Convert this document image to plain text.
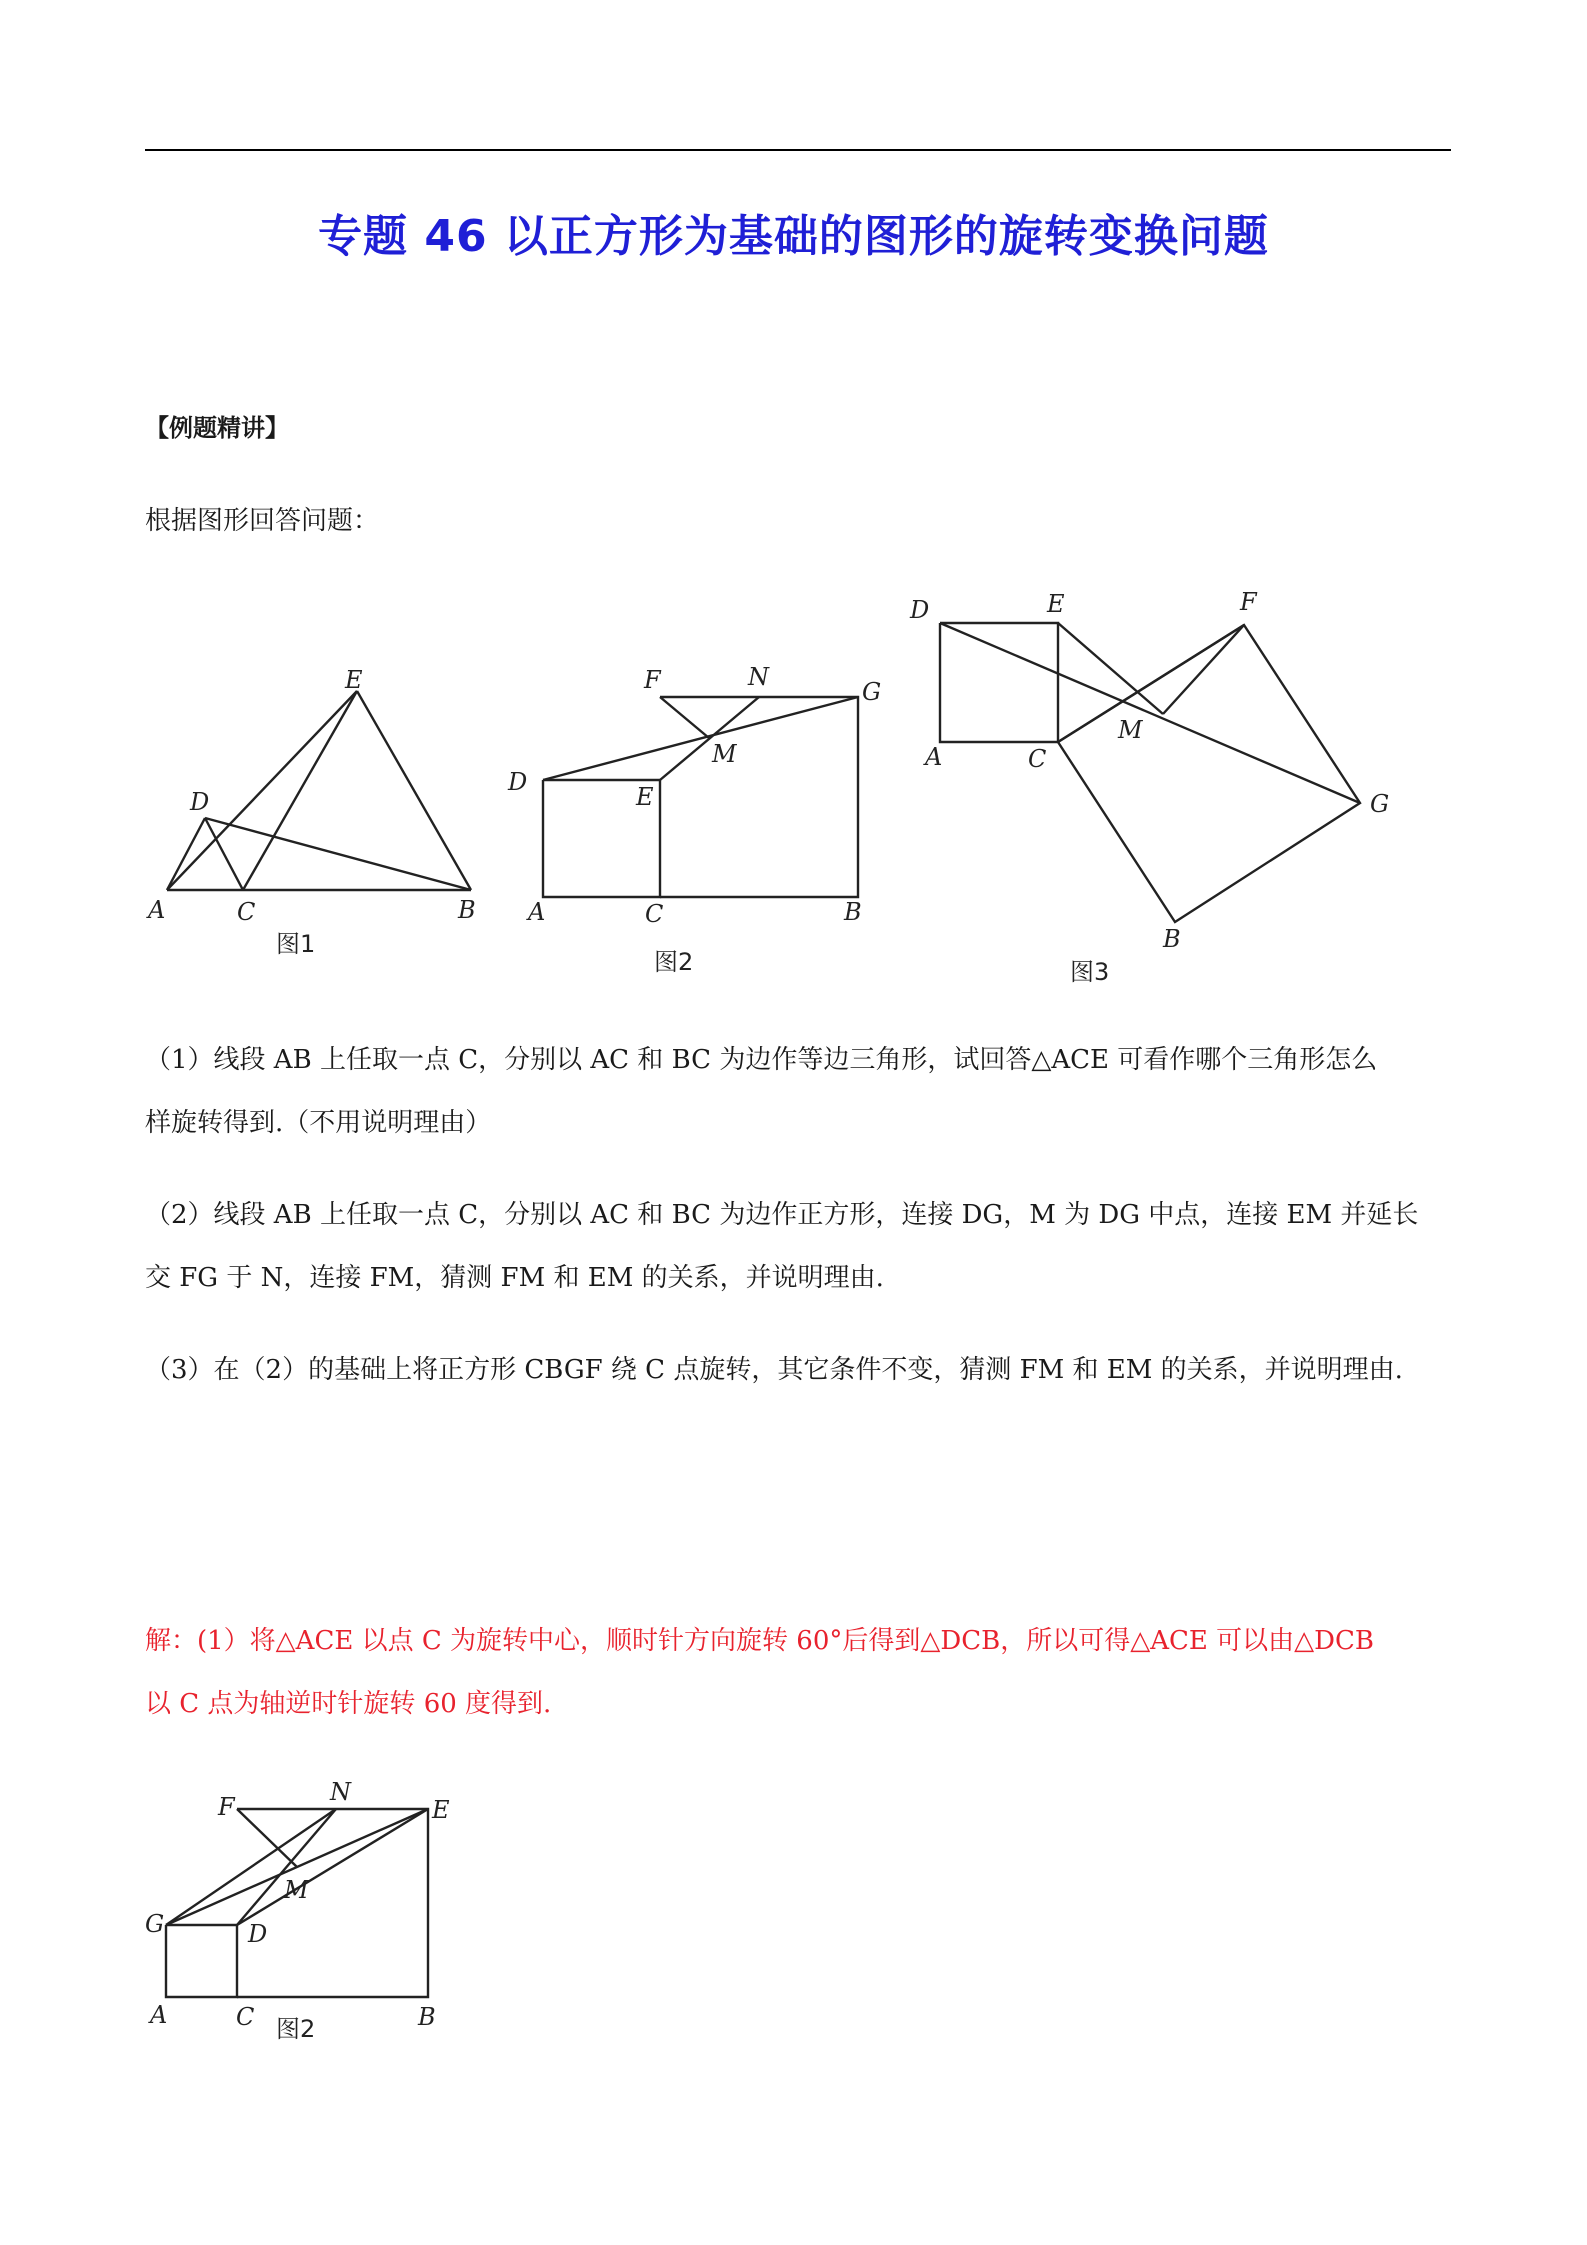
专题 46 以正方形为基础的图形的旋转变换问题
【例题精讲】
根据图形回答问题：
A	C	B
D
E
图1
A	C	B
D
E
F	N
G
M
图2
A	C
B
D	E	F
G
M
图3
A	C	B
D
E
F
N
G
M
图2
（1）线段 AB 上任取一点 C，分别以 AC 和 BC 为边作等边三角形，试回答△ACE 可看作哪个三角形怎么
样旋转得到.（不用说明理由）
（2）线段 AB 上任取一点 C，分别以 AC 和 BC 为边作正方形，连接 DG，M 为 DG 中点，连接 EM 并延长
交 FG 于 N，连接 FM，猜测 FM 和 EM 的关系，并说明理由.
（3）在（2）的基础上将正方形 CBGF 绕 C 点旋转，其它条件不变，猜测 FM 和 EM 的关系，并说明理由.
解：(1）将△ACE 以点 C 为旋转中心，顺时针方向旋转 60°后得到△DCB，所以可得△ACE 可以由△DCB
以 C 点为轴逆时针旋转 60 度得到.
